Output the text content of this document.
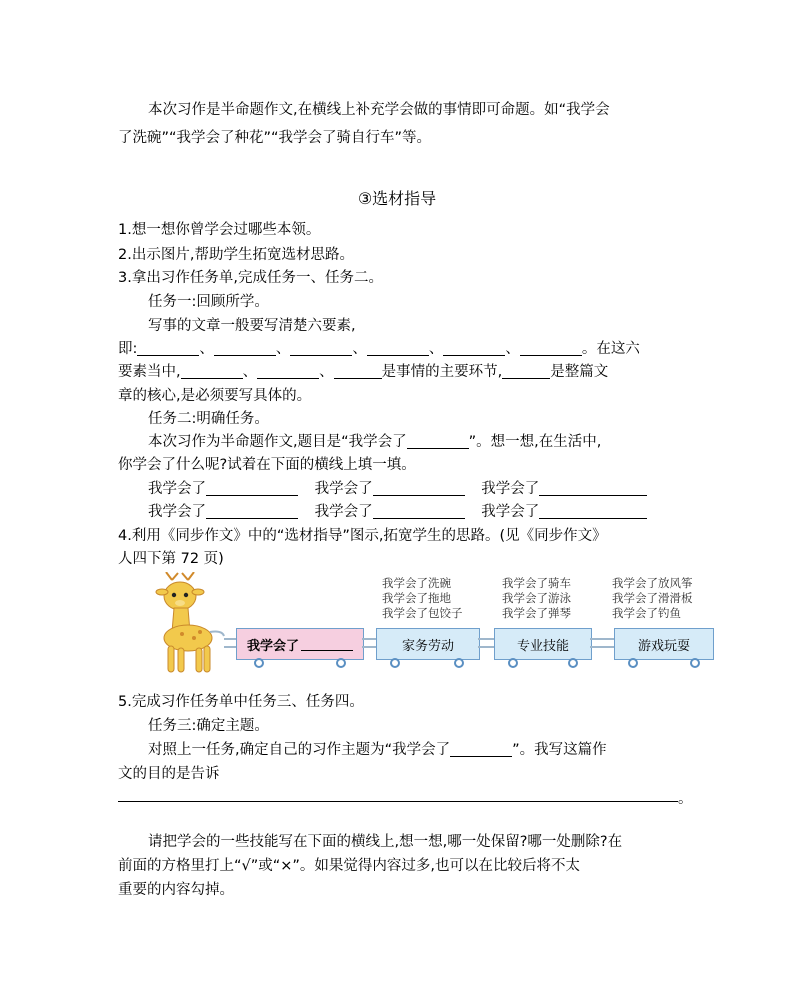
本次习作是半命题作文,在横线上补充学会做的事情即可命题。如“我学会
了洗碗”“我学会了种花”“我学会了骑自行车”等。
③选材指导
1.想一想你曾学会过哪些本领。
2.出示图片,帮助学生拓宽选材思路。
3.拿出习作任务单,完成任务一、任务二。
任务一:回顾所学。
写事的文章一般要写清楚六要素,
即:	、	、	、	、	、	。在这六
要素当中,	、	、	是事情的主要环节,	是整篇文
章的核心,是必须要写具体的。
任务二:明确任务。
本次习作为半命题作文,题目是“我学会了	”。想一想,在生活中,
你学会了什么呢?试着在下面的横线上填一填。
我学会了	我学会了	我学会了
我学会了	我学会了	我学会了
4.利用《同步作文》中的“选材指导”图示,拓宽学生的思路。(见《同步作文》
人四下第 72 页)
我学会了	家务劳动	专业技能	游戏玩耍
我学会了洗碗
我学会了拖地
我学会了包饺子
我学会了骑车
我学会了游泳
我学会了弹琴
我学会了放风筝
我学会了滑滑板
我学会了钓鱼
5.完成习作任务单中任务三、任务四。
任务三:确定主题。
对照上一任务,确定自己的习作主题为“我学会了	”。我写这篇作
文的目的是告诉
。
请把学会的一些技能写在下面的横线上,想一想,哪一处保留?哪一处删除?在
前面的方格里打上“√”或“×”。如果觉得内容过多,也可以在比较后将不太
重要的内容勾掉。
